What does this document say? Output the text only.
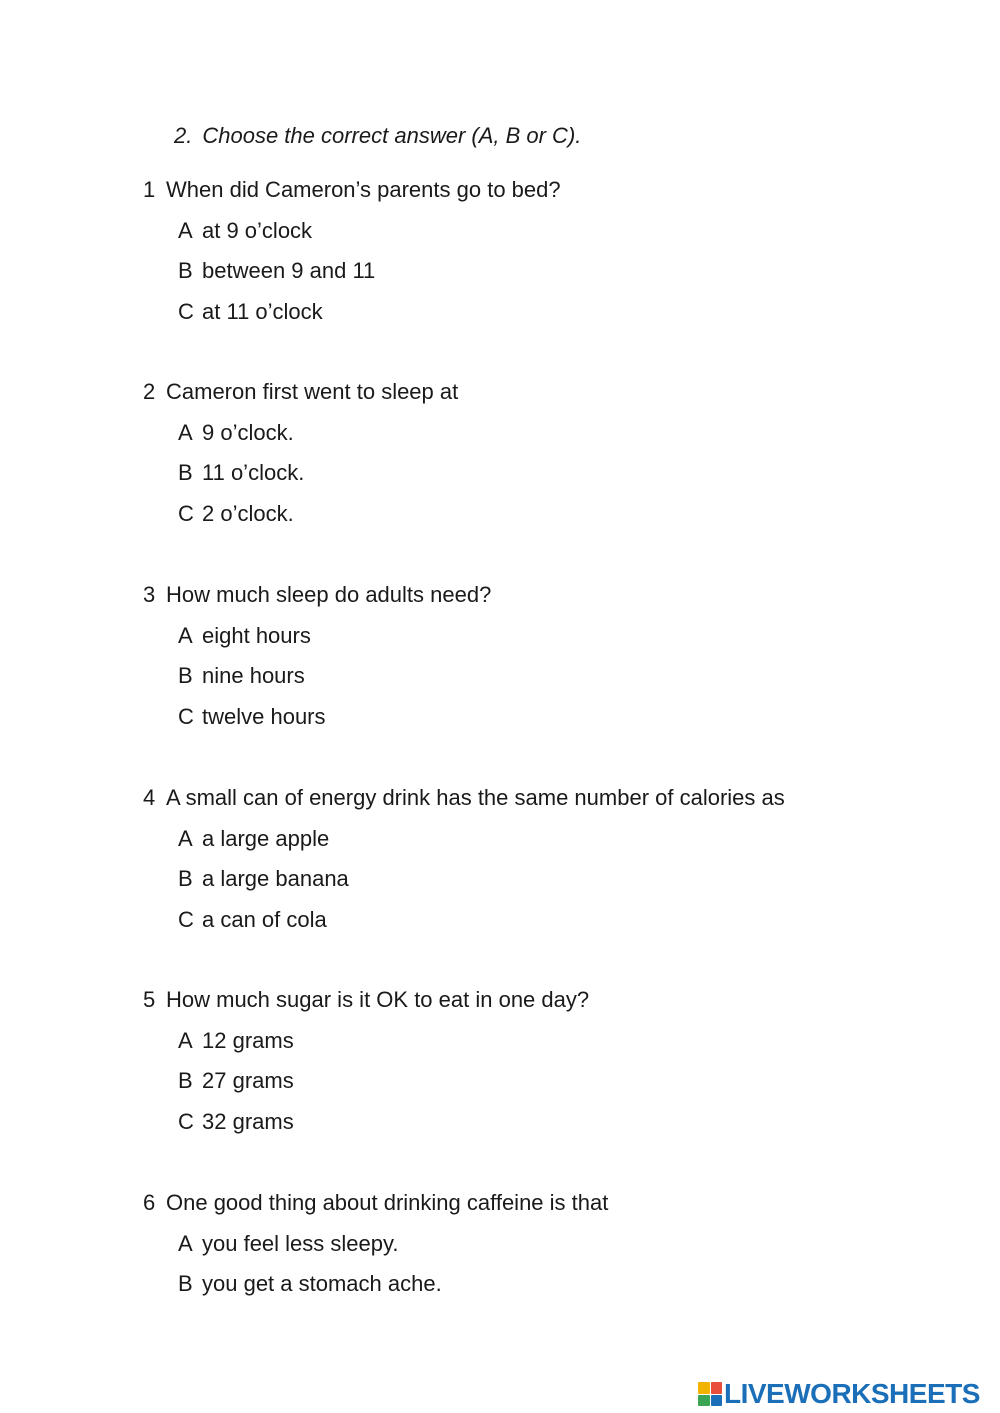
2. Choose the correct answer (A, B or C).
1 When did Cameron’s parents go to bed?
A at 9 o’clock
B between 9 and 11
C at 11 o’clock
2 Cameron first went to sleep at
A 9 o’clock.
B 11 o’clock.
C 2 o’clock.
3 How much sleep do adults need?
A eight hours
B nine hours
C twelve hours
4 A small can of energy drink has the same number of calories as
A a large apple
B a large banana
C a can of cola
5 How much sugar is it OK to eat in one day?
A 12 grams
B 27 grams
C 32 grams
6 One good thing about drinking caffeine is that
A you feel less sleepy.
B you get a stomach ache.
LIVEWORKSHEETS
